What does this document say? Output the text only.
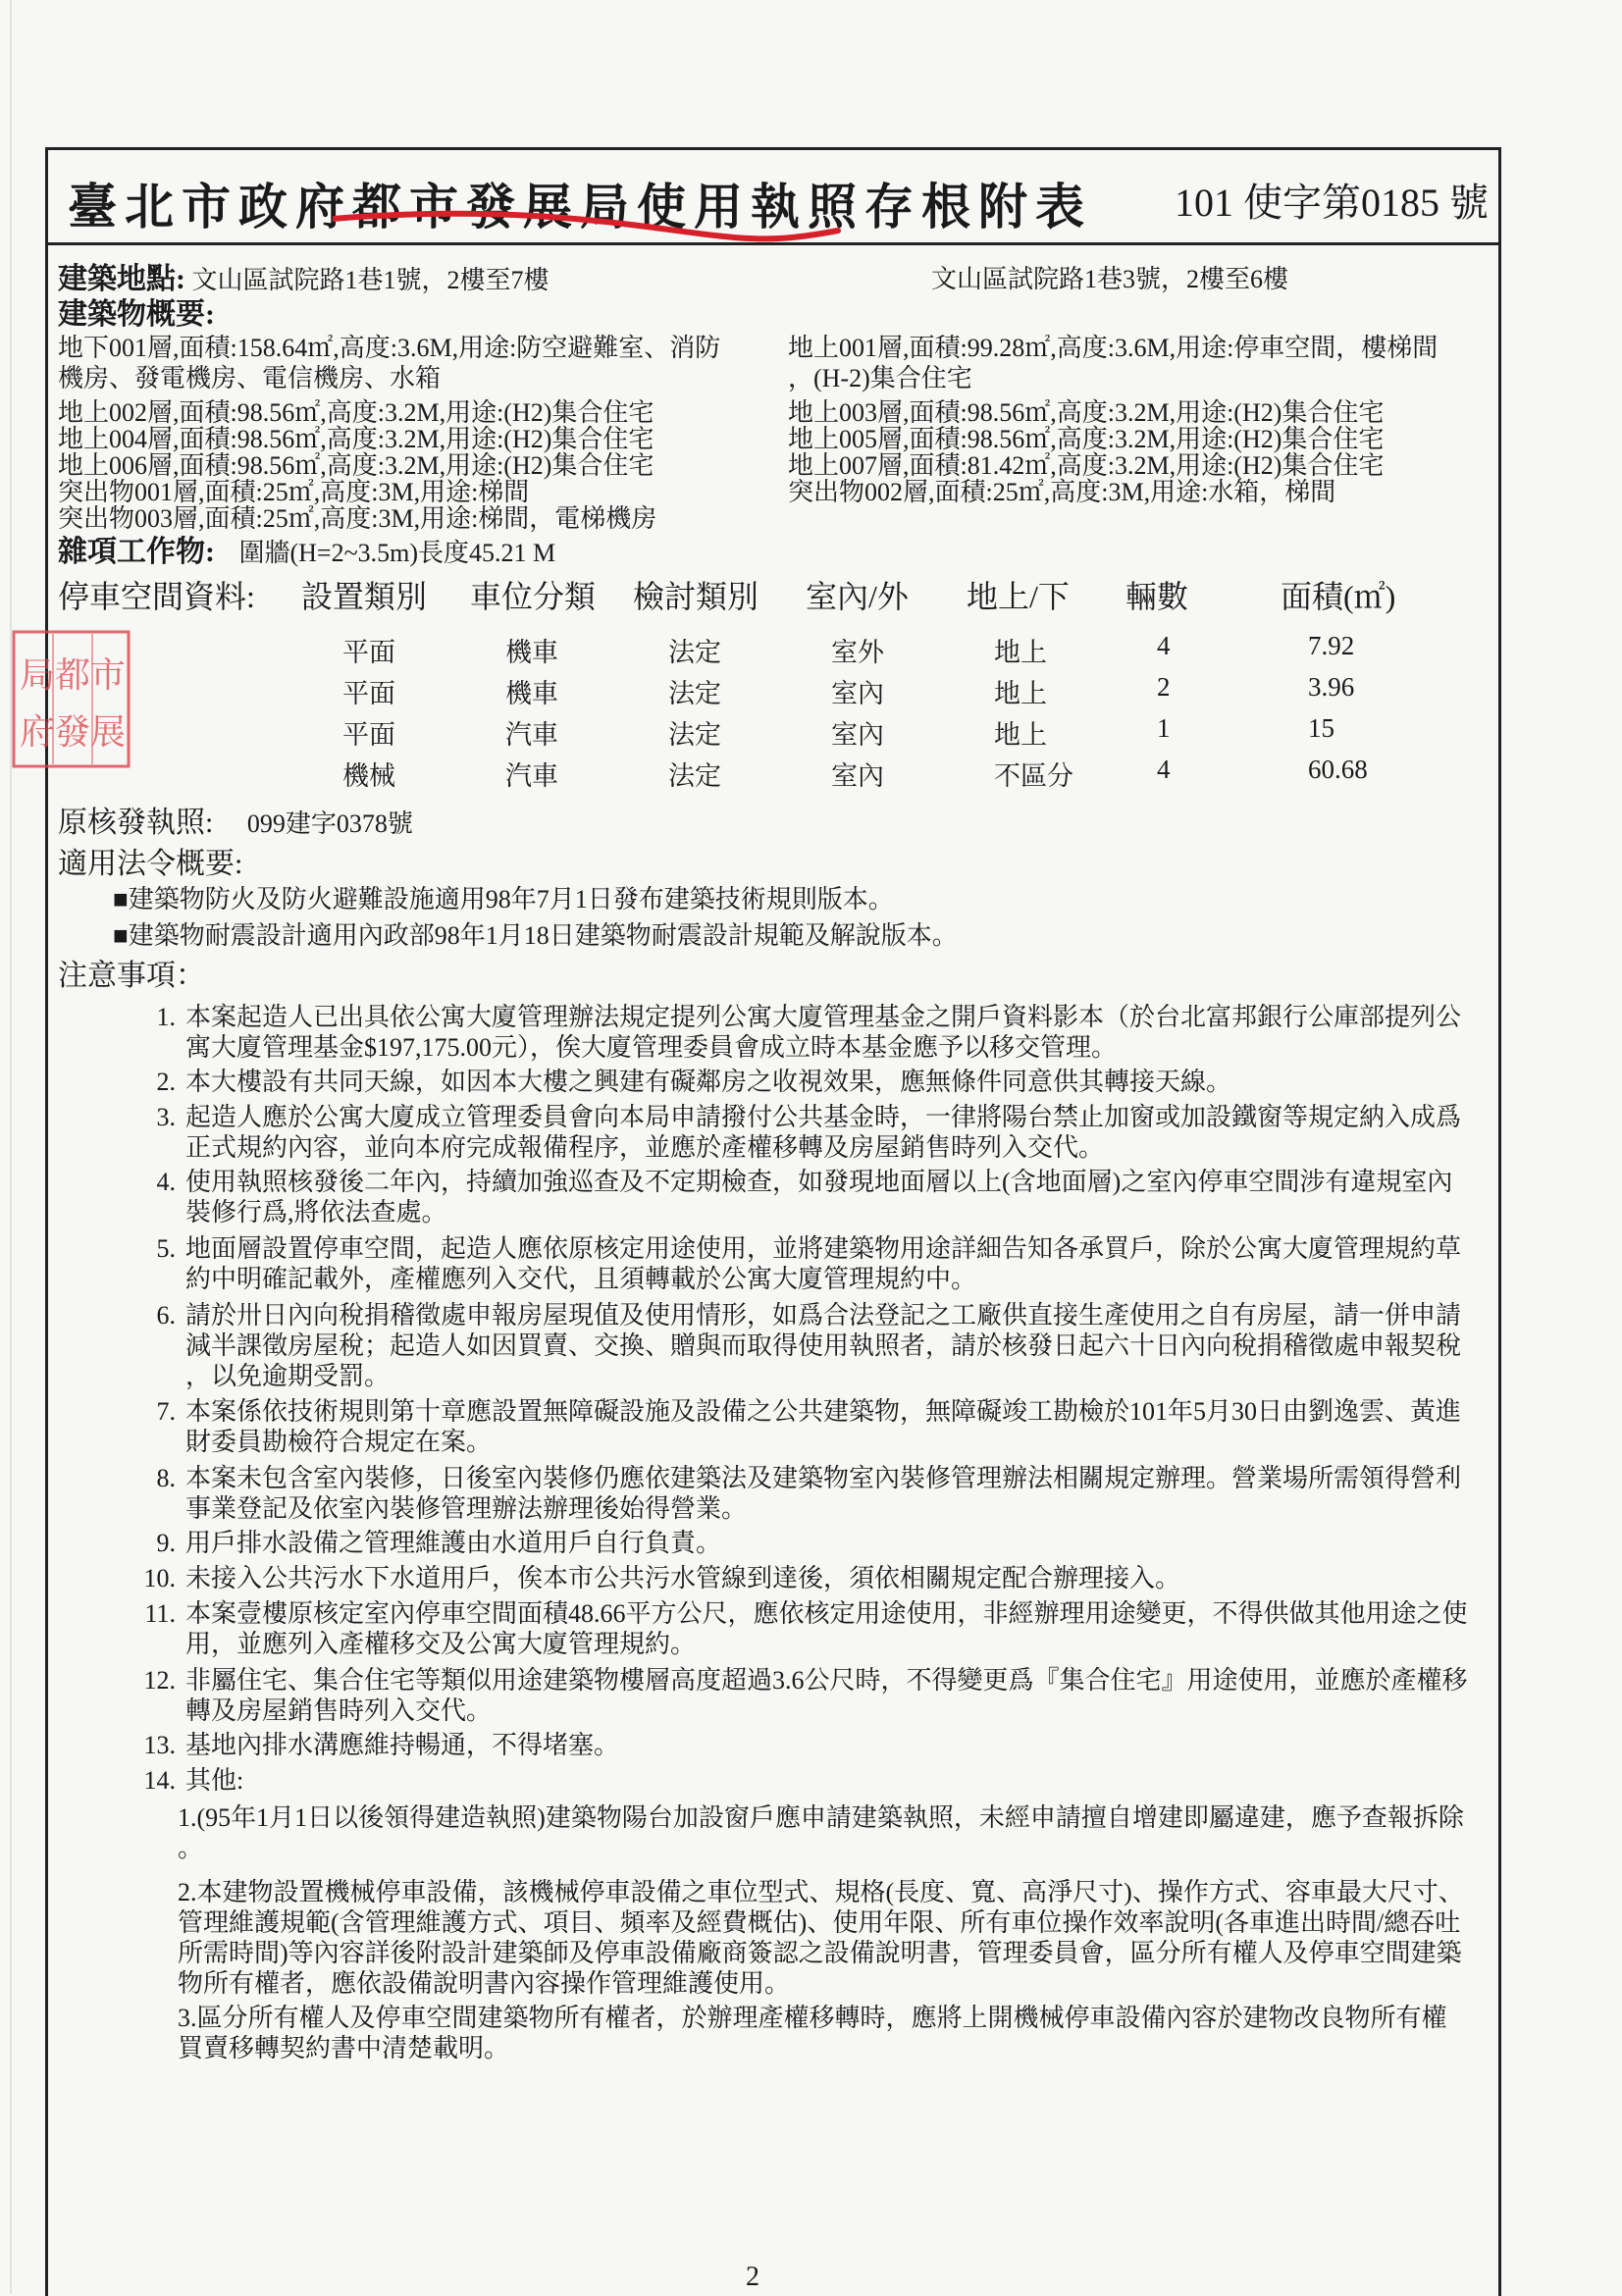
臺北市政府都市發展局使用執照存根附表 101 使字第0185 號
建築地點: 文山區試院路1巷1號，2樓至7樓	文山區試院路1巷3號，2樓至6樓
建築物概要:
地下001層,面積:158.64㎡,高度:3.6M,用途:防空避難室、消防
機房、發電機房、電信機房、水箱
地上001層,面積:99.28㎡,高度:3.6M,用途:停車空間，樓梯間
，(H-2)集合住宅
地上002層,面積:98.56㎡,高度:3.2M,用途:(H2)集合住宅	地上003層,面積:98.56㎡,高度:3.2M,用途:(H2)集合住宅
地上004層,面積:98.56㎡,高度:3.2M,用途:(H2)集合住宅	地上005層,面積:98.56㎡,高度:3.2M,用途:(H2)集合住宅
地上006層,面積:98.56㎡,高度:3.2M,用途:(H2)集合住宅	地上007層,面積:81.42㎡,高度:3.2M,用途:(H2)集合住宅
突出物001層,面積:25㎡,高度:3M,用途:梯間	突出物002層,面積:25㎡,高度:3M,用途:水箱，梯間
突出物003層,面積:25㎡,高度:3M,用途:梯間，電梯機房
雜項工作物: 圍牆(H=2~3.5m)長度45.21 M
停車空間資料: 設置類別 車位分類 檢討類別 室內/外 地上/下 輛數	面積(㎡)
平面	機車	法定	室外	地上	4	7.92
平面	機車	法定	室內	地上	2	3.96
平面	汽車	法定	室內	地上	1	15
機械	汽車	法定	室內	不區分	4	60.68
原核發執照: 099建字0378號
適用法令概要:
■建築物防火及防火避難設施適用98年7月1日發布建築技術規則版本。
■建築物耐震設計適用內政部98年1月18日建築物耐震設計規範及解說版本。
注意事項：
1. 本案起造人已出具依公寓大廈管理辦法規定提列公寓大廈管理基金之開戶資料影本（於台北富邦銀行公庫部提列公
寓大廈管理基金$197,175.00元），俟大廈管理委員會成立時本基金應予以移交管理。
2. 本大樓設有共同天線，如因本大樓之興建有礙鄰房之收視效果，應無條件同意供其轉接天線。
3. 起造人應於公寓大廈成立管理委員會向本局申請撥付公共基金時，一律將陽台禁止加窗或加設鐵窗等規定納入成爲
正式規約內容，並向本府完成報備程序，並應於產權移轉及房屋銷售時列入交代。
4. 使用執照核發後二年內，持續加強巡查及不定期檢查，如發現地面層以上(含地面層)之室內停車空間涉有違規室內
裝修行爲,將依法查處。
5. 地面層設置停車空間，起造人應依原核定用途使用，並將建築物用途詳細告知各承買戶，除於公寓大廈管理規約草
約中明確記載外，產權應列入交代，且須轉載於公寓大廈管理規約中。
6. 請於卅日內向稅捐稽徵處申報房屋現值及使用情形，如爲合法登記之工廠供直接生產使用之自有房屋，請一併申請
減半課徵房屋稅；起造人如因買賣、交換、贈與而取得使用執照者，請於核發日起六十日內向稅捐稽徵處申報契稅
，以免逾期受罰。
7. 本案係依技術規則第十章應設置無障礙設施及設備之公共建築物，無障礙竣工勘檢於101年5月30日由劉逸雲、黃進
財委員勘檢符合規定在案。
8. 本案未包含室內裝修，日後室內裝修仍應依建築法及建築物室內裝修管理辦法相關規定辦理。營業場所需領得營利
事業登記及依室內裝修管理辦法辦理後始得營業。
9. 用戶排水設備之管理維護由水道用戶自行負責。
10. 未接入公共污水下水道用戶，俟本市公共污水管線到達後，須依相關規定配合辦理接入。
11. 本案壹樓原核定室內停車空間面積48.66平方公尺，應依核定用途使用，非經辦理用途變更，不得供做其他用途之使
用，並應列入產權移交及公寓大廈管理規約。
12. 非屬住宅、集合住宅等類似用途建築物樓層高度超過3.6公尺時，不得變更爲『集合住宅』用途使用，並應於產權移
轉及房屋銷售時列入交代。
13. 基地內排水溝應維持暢通，不得堵塞。
14. 其他:
1.(95年1月1日以後領得建造執照)建築物陽台加設窗戶應申請建築執照，未經申請擅自增建即屬違建，應予查報拆除
。
2.本建物設置機械停車設備，該機械停車設備之車位型式、規格(長度、寬、高淨尺寸)、操作方式、容車最大尺寸、
管理維護規範(含管理維護方式、項目、頻率及經費概估)、使用年限、所有車位操作效率說明(各車進出時間/總吞吐
所需時間)等內容詳後附設計建築師及停車設備廠商簽認之設備說明書，管理委員會，區分所有權人及停車空間建築
物所有權者，應依設備說明書內容操作管理維護使用。
3.區分所有權人及停車空間建築物所有權者，於辦理產權移轉時，應將上開機械停車設備內容於建物改良物所有權
買賣移轉契約書中清楚載明。
局都市
府發展
2
